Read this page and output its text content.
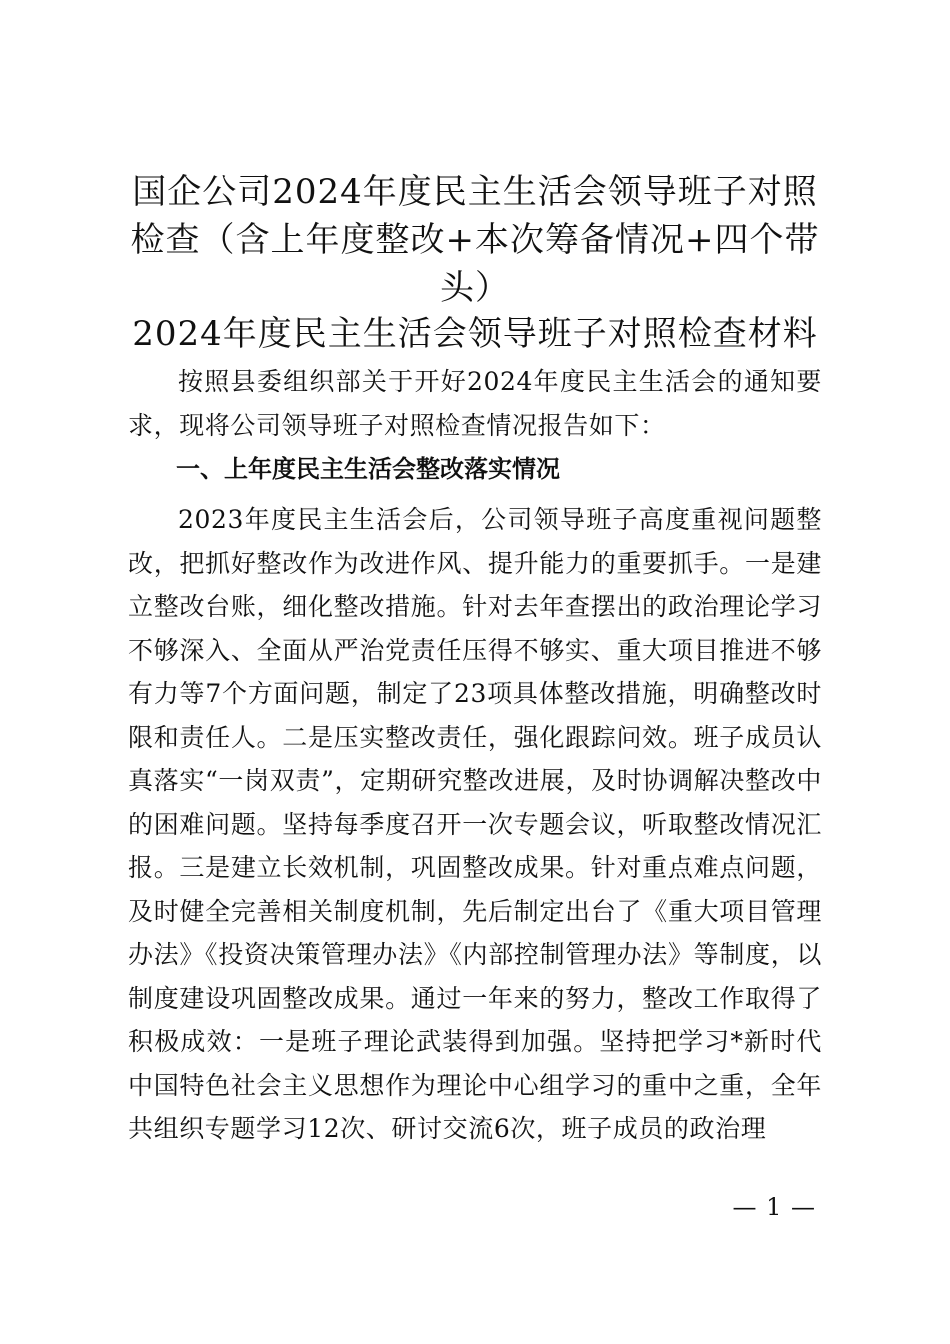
国企公司2024年度民主生活会领导班子对照检查（含上年度整改+本次筹备情况+四个带头）
2024年度民主生活会领导班子对照检查材料

按照县委组织部关于开好2024年度民主生活会的通知要求，现将公司领导班子对照检查情况报告如下：

一、上年度民主生活会整改落实情况

2023年度民主生活会后，公司领导班子高度重视问题整改，把抓好整改作为改进作风、提升能力的重要抓手。一是建立整改台账，细化整改措施。针对去年查摆出的政治理论学习不够深入、全面从严治党责任压得不够实、重大项目推进不够有力等7个方面问题，制定了23项具体整改措施，明确整改时限和责任人。二是压实整改责任，强化跟踪问效。班子成员认真落实“一岗双责”，定期研究整改进展，及时协调解决整改中的困难问题。坚持每季度召开一次专题会议，听取整改情况汇报。三是建立长效机制，巩固整改成果。针对重点难点问题，及时健全完善相关制度机制，先后制定出台了《重大项目管理办法》《投资决策管理办法》《内部控制管理办法》等制度，以制度建设巩固整改成果。通过一年来的努力，整改工作取得了积极成效：一是班子理论武装得到加强。坚持把学习*新时代中国特色社会主义思想作为理论中心组学习的重中之重，全年共组织专题学习12次、研讨交流6次，班子成员的政治理

— 1 —
